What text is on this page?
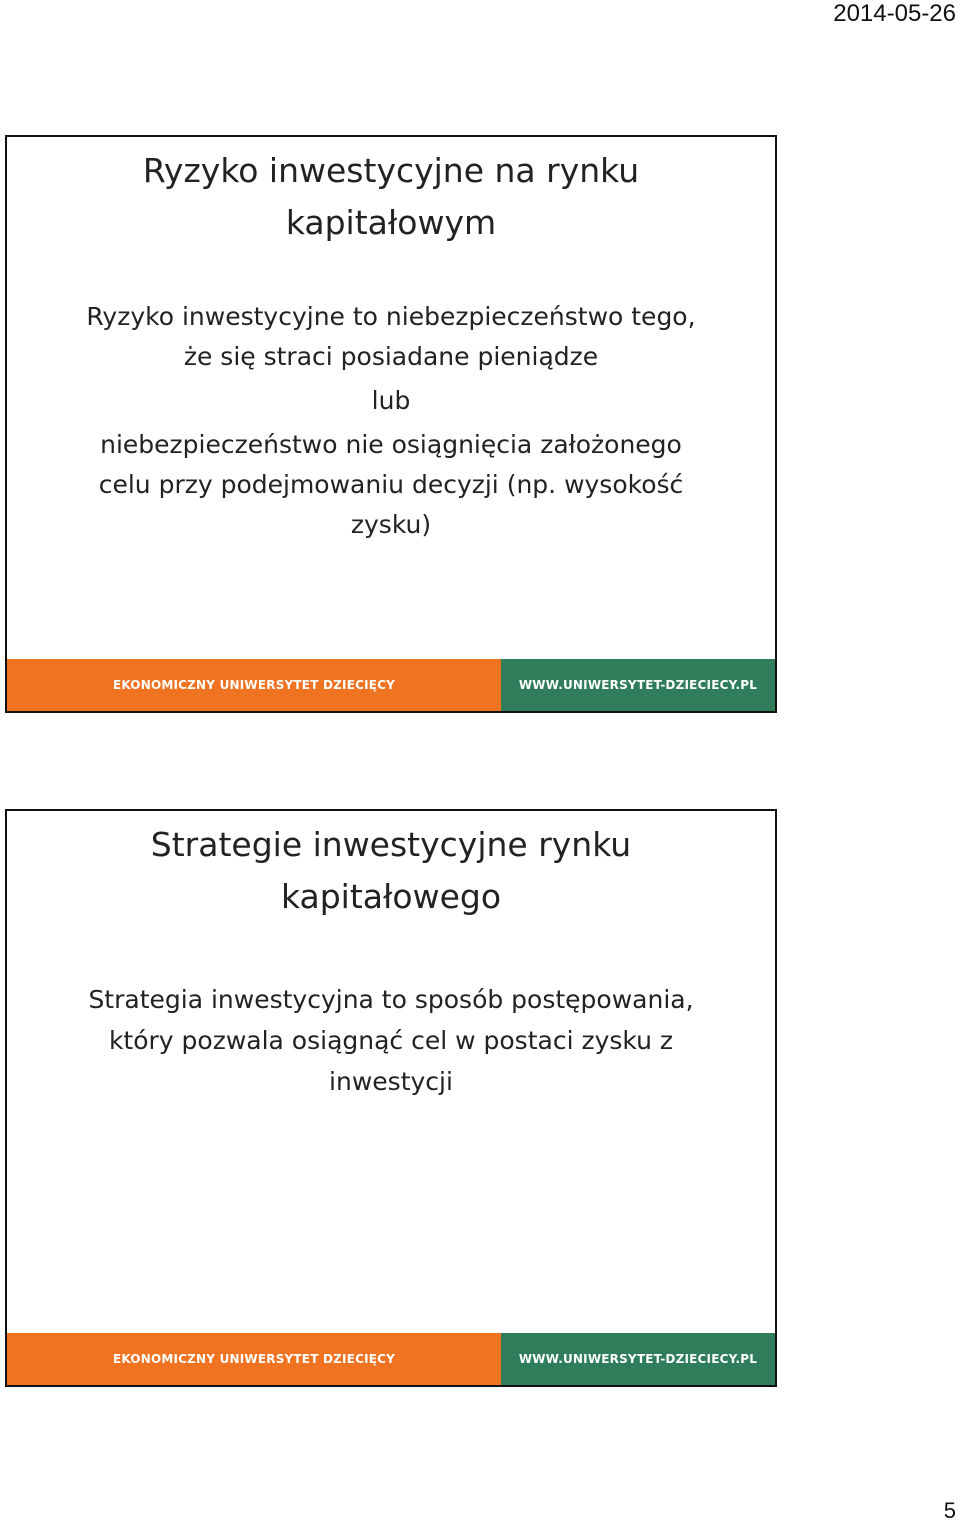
2014-05-26
Ryzyko inwestycyjne na rynku
kapitałowym
Ryzyko inwestycyjne to niebezpieczeństwo tego,
że się straci posiadane pieniądze
lub
niebezpieczeństwo nie osiągnięcia założonego
celu przy podejmowaniu decyzji (np. wysokość
zysku)
EKONOMICZNY UNIWERSYTET DZIECIĘCY	WWW.UNIWERSYTET-DZIECIECY.PL
Strategie inwestycyjne rynku
kapitałowego
Strategia inwestycyjna to sposób postępowania,
który pozwala osiągnąć cel w postaci zysku z
inwestycji
EKONOMICZNY UNIWERSYTET DZIECIĘCY	WWW.UNIWERSYTET-DZIECIECY.PL
5
